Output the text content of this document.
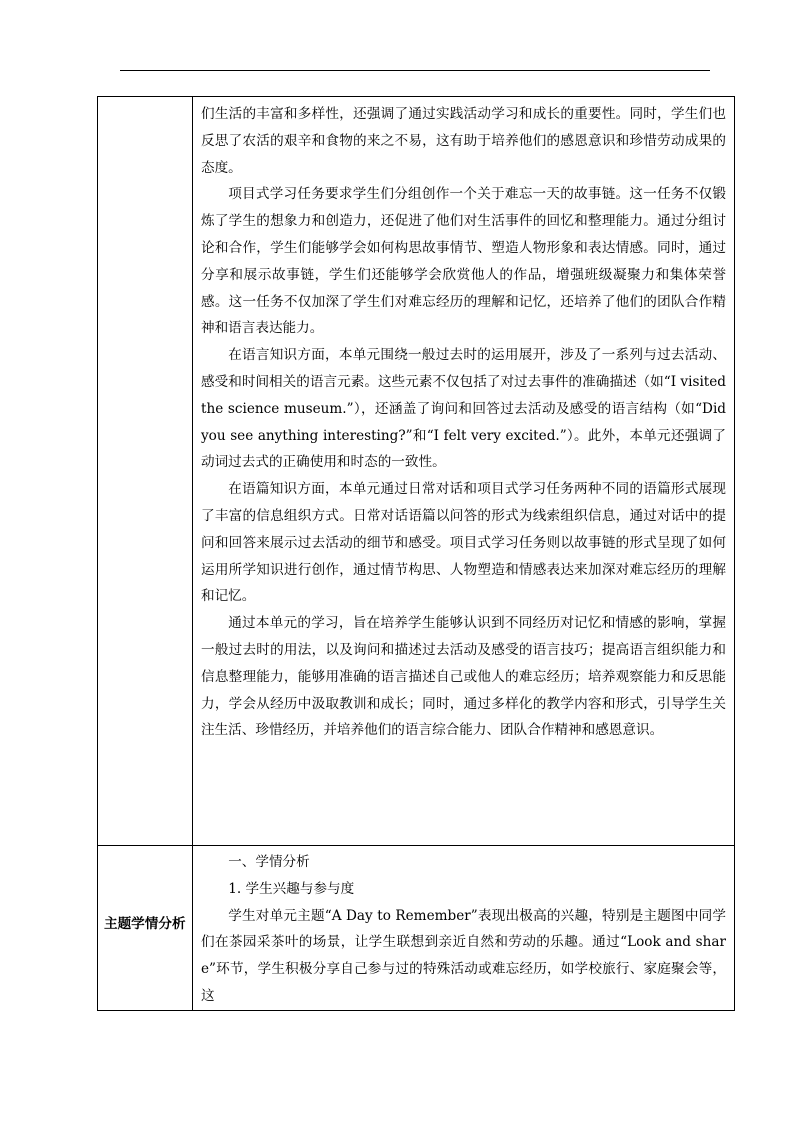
	们生活的丰富和多样性，还强调了通过实践活动学习和成长的重要性。同时，学生们也反思了农活的艰辛和食物的来之不易，这有助于培养他们的感恩意识和珍惜劳动成果的态度。

项目式学习任务要求学生们分组创作一个关于难忘一天的故事链。这一任务不仅锻炼了学生的想象力和创造力，还促进了他们对生活事件的回忆和整理能力。通过分组讨论和合作，学生们能够学会如何构思故事情节、塑造人物形象和表达情感。同时，通过分享和展示故事链，学生们还能够学会欣赏他人的作品，增强班级凝聚力和集体荣誉感。这一任务不仅加深了学生们对难忘经历的理解和记忆，还培养了他们的团队合作精神和语言表达能力。

在语言知识方面，本单元围绕一般过去时的运用展开，涉及了一系列与过去活动、感受和时间相关的语言元素。这些元素不仅包括了对过去事件的准确描述（如“I visited the science museum.”），还涵盖了询问和回答过去活动及感受的语言结构（如“Did you see anything interesting?”和“I felt very excited.”）。此外，本单元还强调了动词过去式的正确使用和时态的一致性。

在语篇知识方面，本单元通过日常对话和项目式学习任务两种不同的语篇形式展现了丰富的信息组织方式。日常对话语篇以问答的形式为线索组织信息，通过对话中的提问和回答来展示过去活动的细节和感受。项目式学习任务则以故事链的形式呈现了如何运用所学知识进行创作，通过情节构思、人物塑造和情感表达来加深对难忘经历的理解和记忆。

通过本单元的学习，旨在培养学生能够认识到不同经历对记忆和情感的影响，掌握一般过去时的用法，以及询问和描述过去活动及感受的语言技巧；提高语言组织能力和信息整理能力，能够用准确的语言描述自己或他人的难忘经历；培养观察能力和反思能力，学会从经历中汲取教训和成长；同时，通过多样化的教学内容和形式，引导学生关注生活、珍惜经历，并培养他们的语言综合能力、团队合作精神和感恩意识。

主题学情分析	一、学情分析

1. 学生兴趣与参与度

学生对单元主题“A Day to Remember”表现出极高的兴趣，特别是主题图中同学们在茶园采茶叶的场景，让学生联想到亲近自然和劳动的乐趣。通过“Look and share”环节，学生积极分享自己参与过的特殊活动或难忘经历，如学校旅行、家庭聚会等，这
